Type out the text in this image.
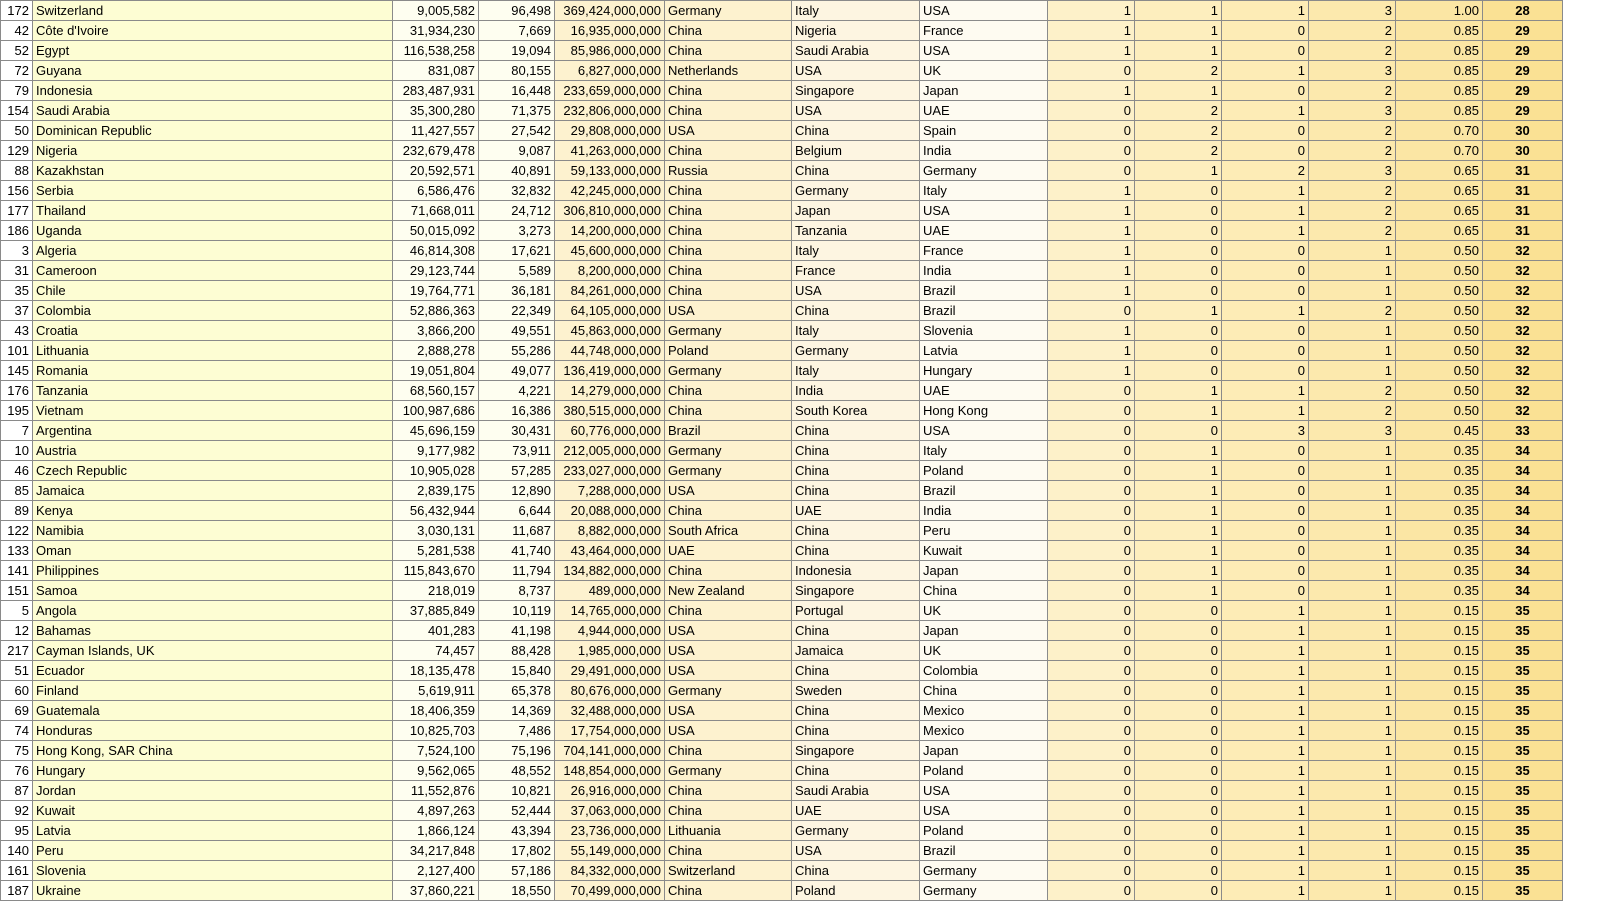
172	Switzerland	9,005,582	96,498	369,424,000,000	Germany	Italy	USA	1	1	1	3	1.00	28
42	Côte d'Ivoire	31,934,230	7,669	16,935,000,000	China	Nigeria	France	1	1	0	2	0.85	29
52	Egypt	116,538,258	19,094	85,986,000,000	China	Saudi Arabia	USA	1	1	0	2	0.85	29
72	Guyana	831,087	80,155	6,827,000,000	Netherlands	USA	UK	0	2	1	3	0.85	29
79	Indonesia	283,487,931	16,448	233,659,000,000	China	Singapore	Japan	1	1	0	2	0.85	29
154	Saudi Arabia	35,300,280	71,375	232,806,000,000	China	USA	UAE	0	2	1	3	0.85	29
50	Dominican Republic	11,427,557	27,542	29,808,000,000	USA	China	Spain	0	2	0	2	0.70	30
129	Nigeria	232,679,478	9,087	41,263,000,000	China	Belgium	India	0	2	0	2	0.70	30
88	Kazakhstan	20,592,571	40,891	59,133,000,000	Russia	China	Germany	0	1	2	3	0.65	31
156	Serbia	6,586,476	32,832	42,245,000,000	China	Germany	Italy	1	0	1	2	0.65	31
177	Thailand	71,668,011	24,712	306,810,000,000	China	Japan	USA	1	0	1	2	0.65	31
186	Uganda	50,015,092	3,273	14,200,000,000	China	Tanzania	UAE	1	0	1	2	0.65	31
3	Algeria	46,814,308	17,621	45,600,000,000	China	Italy	France	1	0	0	1	0.50	32
31	Cameroon	29,123,744	5,589	8,200,000,000	China	France	India	1	0	0	1	0.50	32
35	Chile	19,764,771	36,181	84,261,000,000	China	USA	Brazil	1	0	0	1	0.50	32
37	Colombia	52,886,363	22,349	64,105,000,000	USA	China	Brazil	0	1	1	2	0.50	32
43	Croatia	3,866,200	49,551	45,863,000,000	Germany	Italy	Slovenia	1	0	0	1	0.50	32
101	Lithuania	2,888,278	55,286	44,748,000,000	Poland	Germany	Latvia	1	0	0	1	0.50	32
145	Romania	19,051,804	49,077	136,419,000,000	Germany	Italy	Hungary	1	0	0	1	0.50	32
176	Tanzania	68,560,157	4,221	14,279,000,000	China	India	UAE	0	1	1	2	0.50	32
195	Vietnam	100,987,686	16,386	380,515,000,000	China	South Korea	Hong Kong	0	1	1	2	0.50	32
7	Argentina	45,696,159	30,431	60,776,000,000	Brazil	China	USA	0	0	3	3	0.45	33
10	Austria	9,177,982	73,911	212,005,000,000	Germany	China	Italy	0	1	0	1	0.35	34
46	Czech Republic	10,905,028	57,285	233,027,000,000	Germany	China	Poland	0	1	0	1	0.35	34
85	Jamaica	2,839,175	12,890	7,288,000,000	USA	China	Brazil	0	1	0	1	0.35	34
89	Kenya	56,432,944	6,644	20,088,000,000	China	UAE	India	0	1	0	1	0.35	34
122	Namibia	3,030,131	11,687	8,882,000,000	South Africa	China	Peru	0	1	0	1	0.35	34
133	Oman	5,281,538	41,740	43,464,000,000	UAE	China	Kuwait	0	1	0	1	0.35	34
141	Philippines	115,843,670	11,794	134,882,000,000	China	Indonesia	Japan	0	1	0	1	0.35	34
151	Samoa	218,019	8,737	489,000,000	New Zealand	Singapore	China	0	1	0	1	0.35	34
5	Angola	37,885,849	10,119	14,765,000,000	China	Portugal	UK	0	0	1	1	0.15	35
12	Bahamas	401,283	41,198	4,944,000,000	USA	China	Japan	0	0	1	1	0.15	35
217	Cayman Islands, UK	74,457	88,428	1,985,000,000	USA	Jamaica	UK	0	0	1	1	0.15	35
51	Ecuador	18,135,478	15,840	29,491,000,000	USA	China	Colombia	0	0	1	1	0.15	35
60	Finland	5,619,911	65,378	80,676,000,000	Germany	Sweden	China	0	0	1	1	0.15	35
69	Guatemala	18,406,359	14,369	32,488,000,000	USA	China	Mexico	0	0	1	1	0.15	35
74	Honduras	10,825,703	7,486	17,754,000,000	USA	China	Mexico	0	0	1	1	0.15	35
75	Hong Kong, SAR China	7,524,100	75,196	704,141,000,000	China	Singapore	Japan	0	0	1	1	0.15	35
76	Hungary	9,562,065	48,552	148,854,000,000	Germany	China	Poland	0	0	1	1	0.15	35
87	Jordan	11,552,876	10,821	26,916,000,000	China	Saudi Arabia	USA	0	0	1	1	0.15	35
92	Kuwait	4,897,263	52,444	37,063,000,000	China	UAE	USA	0	0	1	1	0.15	35
95	Latvia	1,866,124	43,394	23,736,000,000	Lithuania	Germany	Poland	0	0	1	1	0.15	35
140	Peru	34,217,848	17,802	55,149,000,000	China	USA	Brazil	0	0	1	1	0.15	35
161	Slovenia	2,127,400	57,186	84,332,000,000	Switzerland	China	Germany	0	0	1	1	0.15	35
187	Ukraine	37,860,221	18,550	70,499,000,000	China	Poland	Germany	0	0	1	1	0.15	35
